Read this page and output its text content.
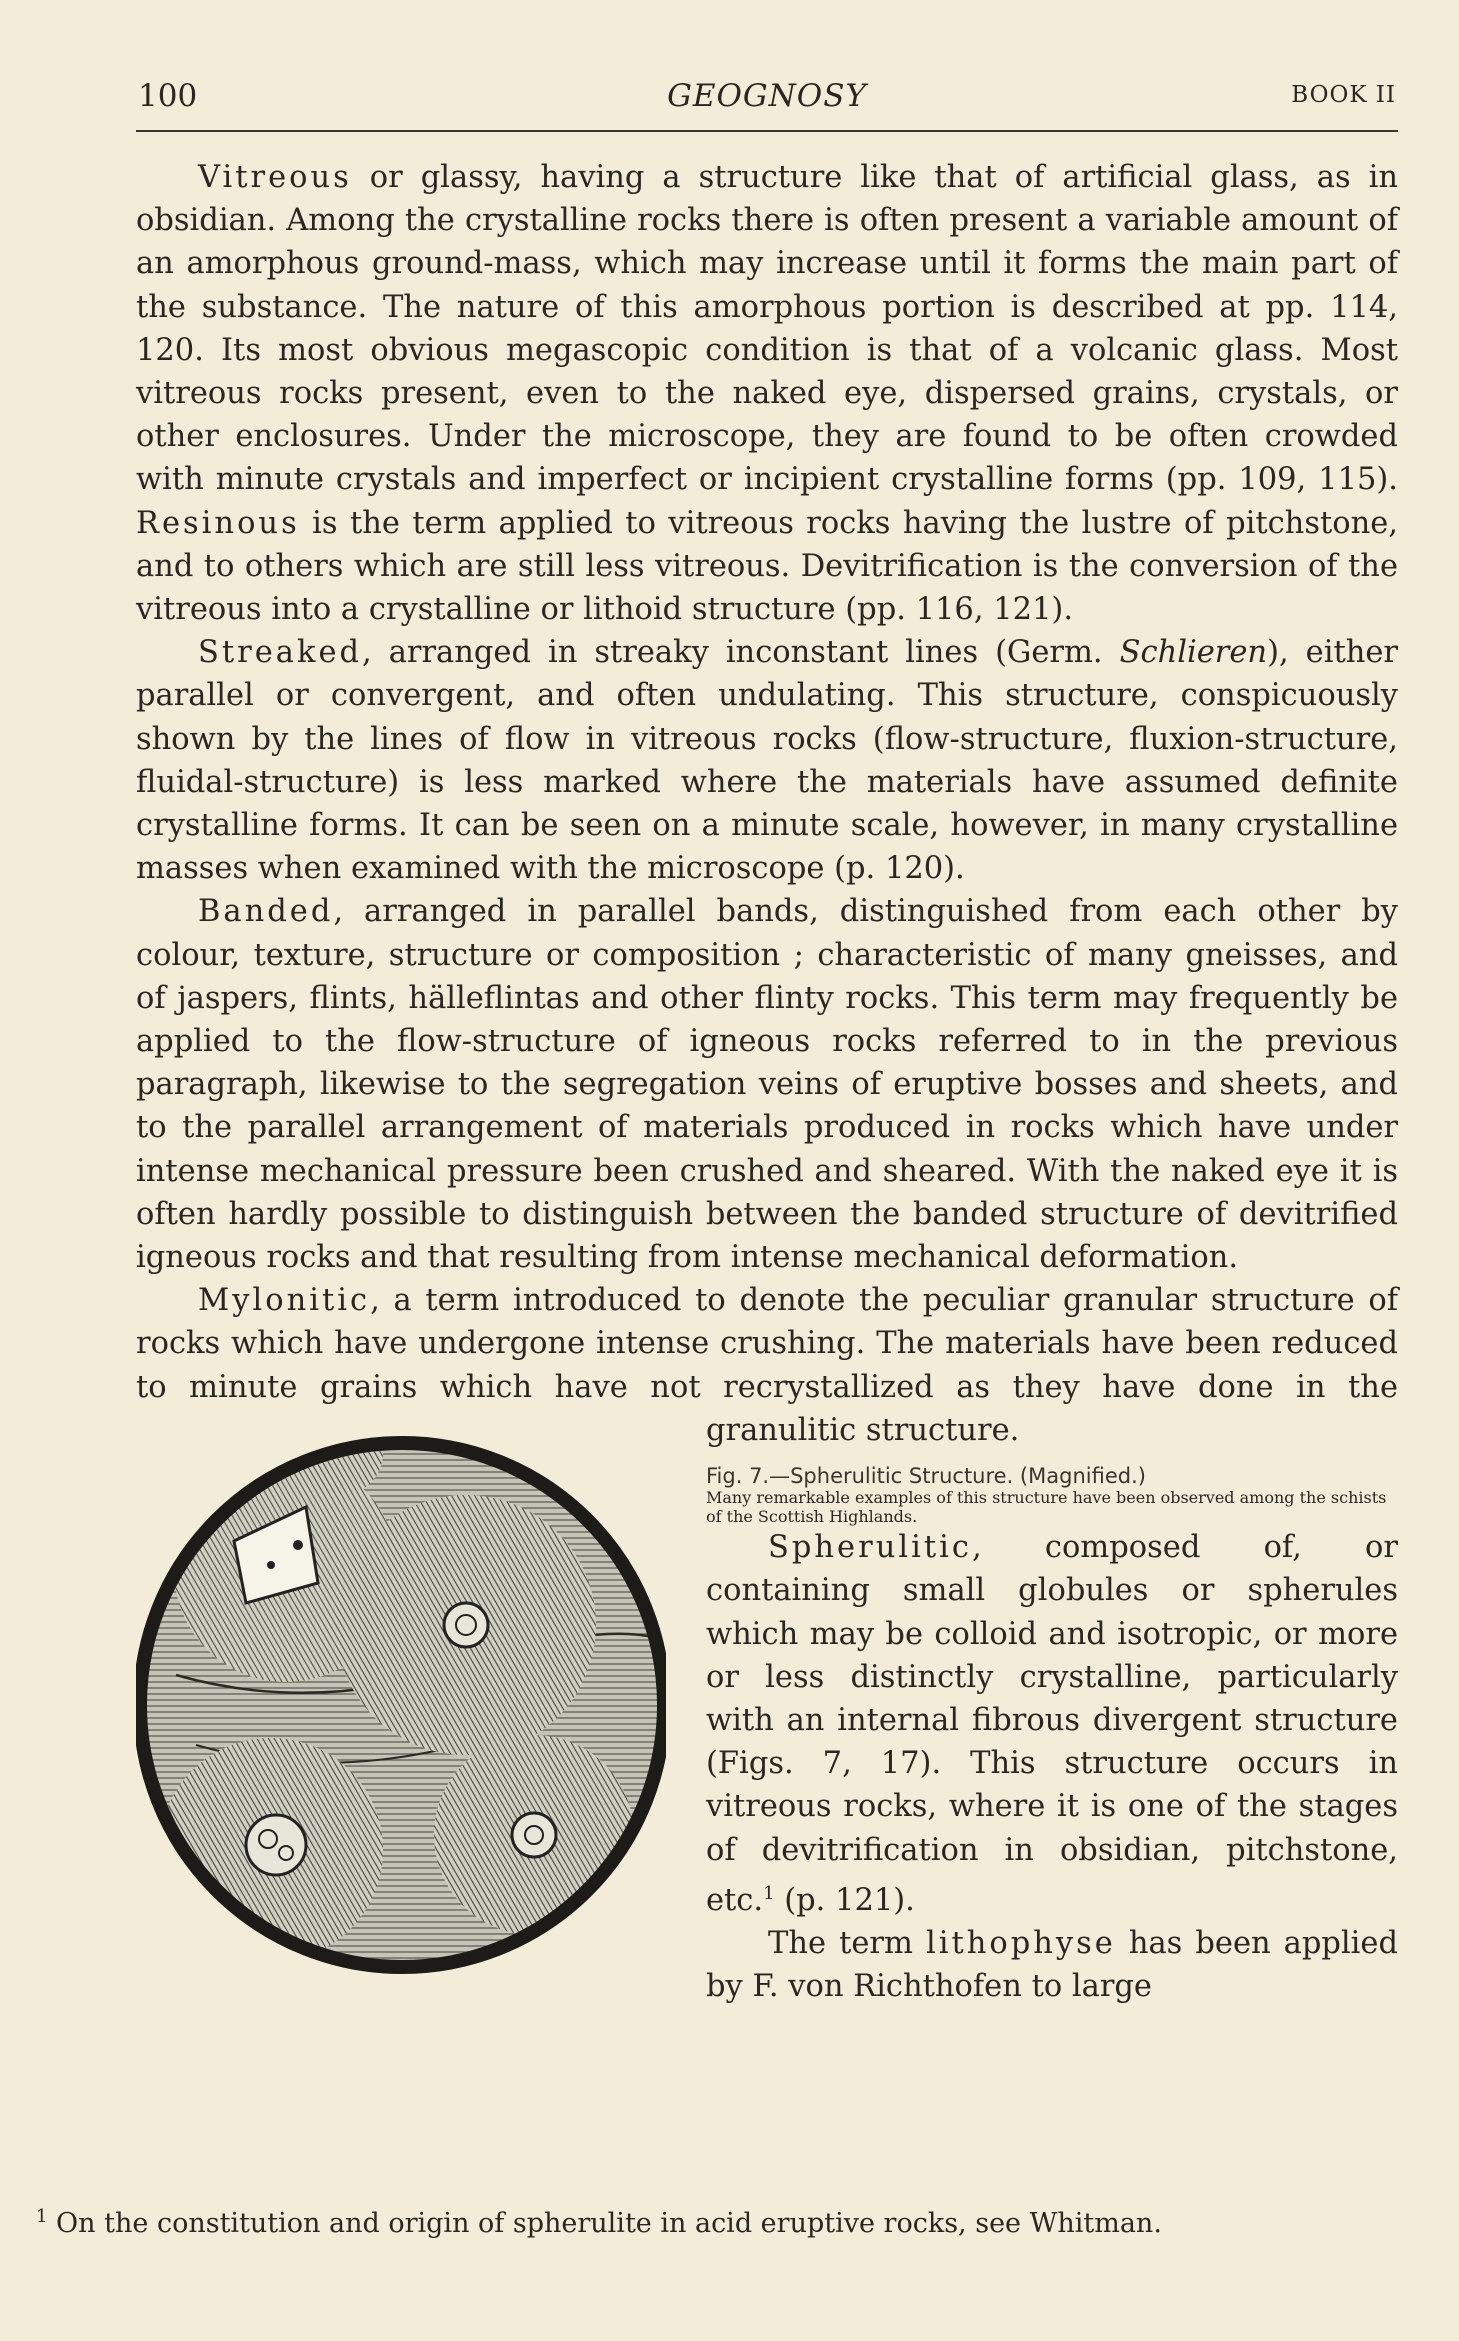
100	GEOGNOSY	BOOK II

Vitreous or glassy, having a structure like that of artificial glass, as in obsidian. Among the crystalline rocks there is often present a variable amount of an amorphous ground-mass, which may increase until it forms the main part of the substance. The nature of this amorphous portion is described at pp. 114, 120. Its most obvious megascopic condition is that of a volcanic glass. Most vitreous rocks present, even to the naked eye, dispersed grains, crystals, or other enclosures. Under the microscope, they are found to be often crowded with minute crystals and imperfect or incipient crystalline forms (pp. 109, 115). Resinous is the term applied to vitreous rocks having the lustre of pitchstone, and to others which are still less vitreous. Devitrification is the conversion of the vitreous into a crystalline or lithoid structure (pp. 116, 121).

Streaked, arranged in streaky inconstant lines (Germ. Schlieren), either parallel or convergent, and often undulating. This structure, conspicuously shown by the lines of flow in vitreous rocks (flow-structure, fluxion-structure, fluidal-structure) is less marked where the materials have assumed definite crystalline forms. It can be seen on a minute scale, however, in many crystalline masses when examined with the microscope (p. 120).

Banded, arranged in parallel bands, distinguished from each other by colour, texture, structure or composition ; characteristic of many gneisses, and of jaspers, flints, hälleflintas and other flinty rocks. This term may frequently be applied to the flow-structure of igneous rocks referred to in the previous paragraph, likewise to the segregation veins of eruptive bosses and sheets, and to the parallel arrangement of materials produced in rocks which have under intense mechanical pressure been crushed and sheared. With the naked eye it is often hardly possible to distinguish between the banded structure of devitrified igneous rocks and that resulting from intense mechanical deformation.

Mylonitic, a term introduced to denote the peculiar granular structure of rocks which have undergone intense crushing. The materials have been reduced to minute grains which have not recrystallized as they have done in the granulitic structure.

Fig. 7.—Spherulitic Structure. (Magnified.)
Many remarkable examples of this structure have been observed among the schists of the Scottish Highlands.

Spherulitic, composed of, or containing small globules or spherules which may be colloid and isotropic, or more or less distinctly crystalline, particularly with an internal fibrous divergent structure (Figs. 7, 17). This structure occurs in vitreous rocks, where it is one of the stages of devitrification in obsidian, pitchstone, etc.$^1$ (p. 121).

The term lithophyse has been applied by F. von Richthofen to large

$^1$ On the constitution and origin of spherulite in acid eruptive rocks, see Whitman.
